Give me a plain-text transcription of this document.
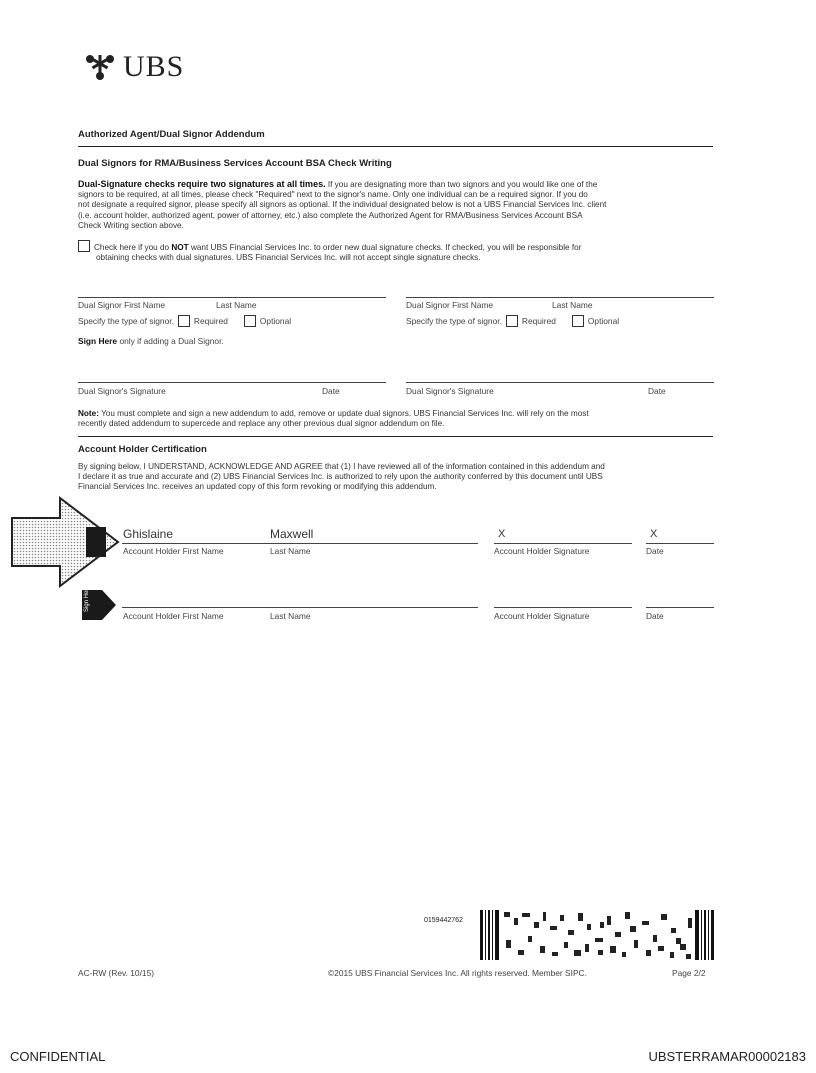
UBS
Authorized Agent/Dual Signor Addendum
Dual Signors for RMA/Business Services Account BSA Check Writing
Dual-Signature checks require two signatures at all times. If you are designating more than two signors and you would like one of the
signors to be required, at all times, please check "Required" next to the signor's name. Only one individual can be a required signor. If you do
not designate a required signor, please specify all signors as optional. If the individual designated below is not a UBS Financial Services Inc. client
(i.e. account holder, authorized agent, power of attorney, etc.) also complete the Authorized Agent for RMA/Business Services Account BSA
Check Writing section above.
Check here if you do NOT want UBS Financial Services Inc. to order new dual signature checks. If checked, you will be responsible for
obtaining checks with dual signatures. UBS Financial Services Inc. will not accept single signature checks.
Dual Signor First Name	Last Name	Dual Signor First Name	Last Name
Specify the type of signor. Required	Optional	Specify the type of signor. Required	Optional
Sign Here only if adding a Dual Signor.
Dual Signor's Signature	Date	Dual Signor's Signature	Date
Note: You must complete and sign a new addendum to add, remove or update dual signors. UBS Financial Services Inc. will rely on the most
recently dated addendum to supercede and replace any other previous dual signor addendum on file.
Account Holder Certification
By signing below, I UNDERSTAND, ACKNOWLEDGE AND AGREE that (1) I have reviewed all of the information contained in this addendum and
I declare it as true and accurate and (2) UBS Financial Services Inc. is authorized to rely upon the authority conferred by this document until UBS
Financial Services Inc. receives an updated copy of this form revoking or modifying this addendum.
Ghislaine	Maxwell	X	X
Account Holder First Name	Last Name	Account Holder Signature	Date
Sign Here
Account Holder First Name	Last Name	Account Holder Signature	Date
0159442762
AC-RW (Rev. 10/15)	©2015 UBS Financial Services Inc. All rights reserved. Member SIPC.	Page 2/2
CONFIDENTIAL	UBSTERRAMAR00002183
